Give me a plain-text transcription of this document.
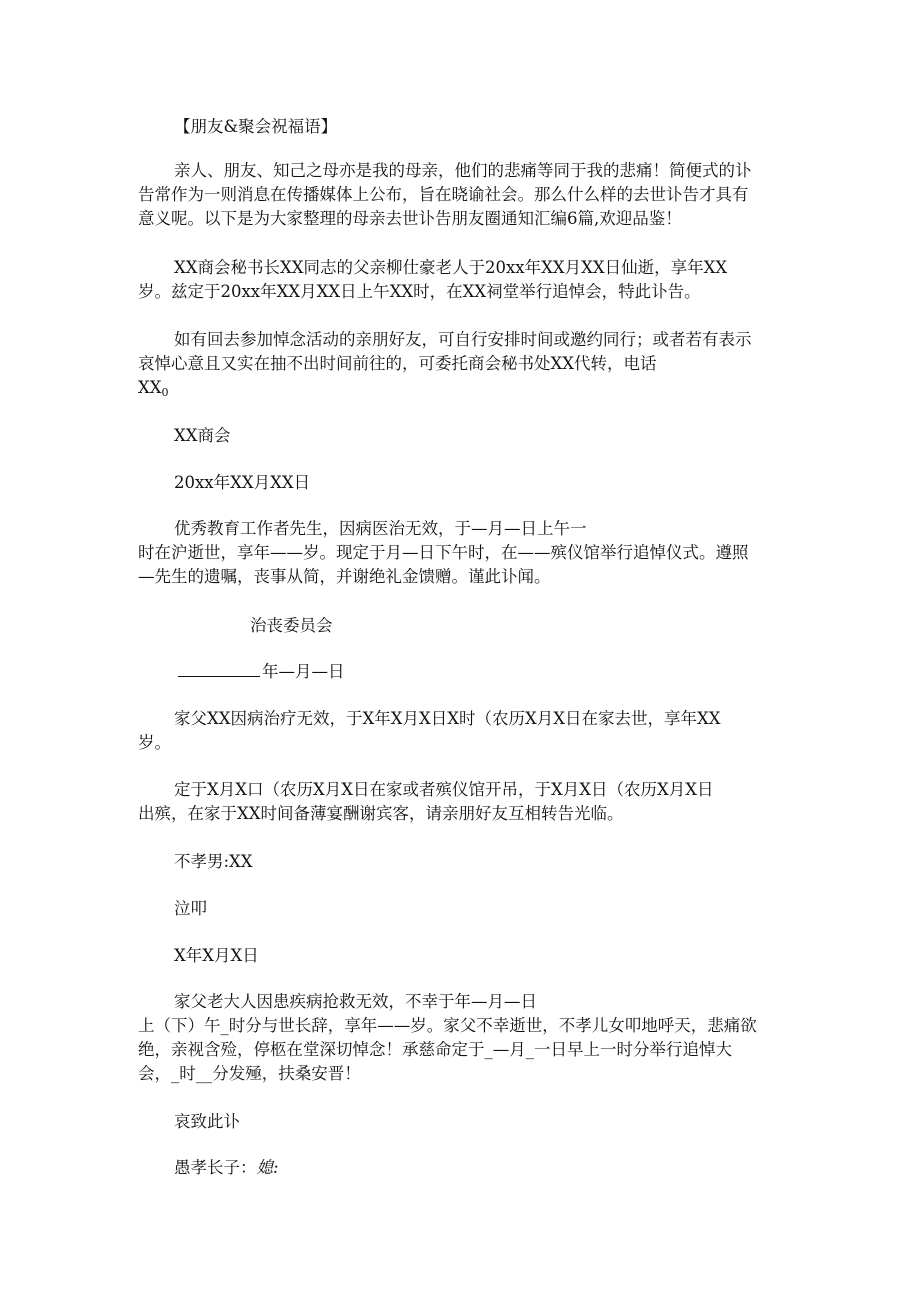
【朋友&聚会祝福语】
亲人、朋友、知己之母亦是我的母亲，他们的悲痛等同于我的悲痛！简便式的讣
告常作为一则消息在传播媒体上公布，旨在晓谕社会。那么什么样的去世讣告才具有
意义呢。以下是为大家整理的母亲去世讣告朋友圈通知汇编6篇,欢迎品鉴！
XX商会秘书长XX同志的父亲柳仕豪老人于20xx年XX月XX日仙逝，享年XX
岁。兹定于20xx年XX月XX日上午XX时，在XX祠堂举行追悼会，特此讣告。
如有回去参加悼念活动的亲朋好友，可自行安排时间或邀约同行；或者若有表示
哀悼心意且又实在抽不出时间前往的，可委托商会秘书处XX代转，电话
$XX_0$
XX商会
20xx年XX月XX日
优秀教育工作者先生，因病医治无效，于—月—日上午一
时在沪逝世，享年——岁。现定于月—日下午时，在——殡仪馆举行追悼仪式。遵照
—先生的遗嘱，丧事从简，并谢绝礼金馈赠。谨此讣闻。
治丧委员会
年—月—日
家父XX因病治疗无效，于X年X月X日X时（农历X月X日在家去世，享年XX
岁。
定于X月X口（农历X月X日在家或者殡仪馆开吊，于X月X日（农历X月X日
出殡，在家于XX时间备薄宴酬谢宾客，请亲朋好友互相转告光临。
不孝男:XX
泣叩
X年X月X日
家父老大人因患疾病抢救无效，不幸于年—月—日
上（下）午_时分与世长辞，享年——岁。家父不幸逝世，不孝儿女叩地呼天，悲痛欲
绝，亲视含殓，停柩在堂深切悼念！承慈命定于_—月_一日早上一时分举行追悼大
会，_时__分发殛，扶桑安晋！
哀致此讣
愚孝长子：媳:
